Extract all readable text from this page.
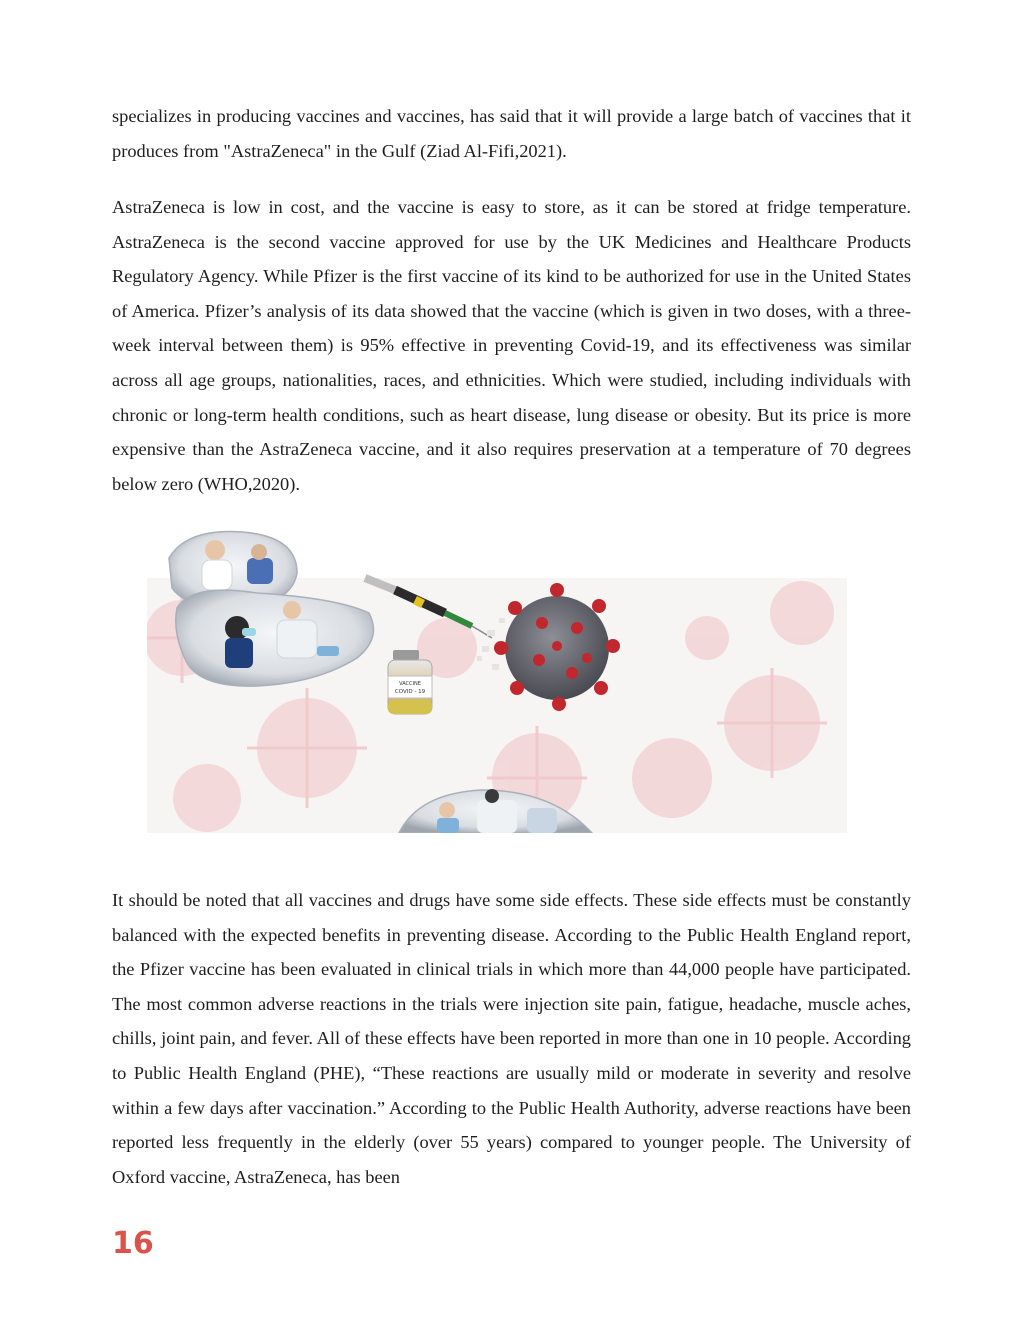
specializes in producing vaccines and vaccines, has said that it will provide a large batch of vaccines that it produces from "AstraZeneca" in the Gulf (Ziad Al-Fifi,2021).

AstraZeneca is low in cost, and the vaccine is easy to store, as it can be stored at fridge temperature. AstraZeneca is the second vaccine approved for use by the UK Medicines and Healthcare Products Regulatory Agency. While Pfizer is the first vaccine of its kind to be authorized for use in the United States of America. Pfizer’s analysis of its data showed that the vaccine (which is given in two doses, with a three-week interval between them) is 95% effective in preventing Covid-19, and its effectiveness was similar across all age groups, nationalities, races, and ethnicities. Which were studied, including individuals with chronic or long-term health conditions, such as heart disease, lung disease or obesity. But its price is more expensive than the AstraZeneca vaccine, and it also requires preservation at a temperature of 70 degrees below zero (WHO,2020).

VACCINE
COVID - 19

It should be noted that all vaccines and drugs have some side effects. These side effects must be constantly balanced with the expected benefits in preventing disease. According to the Public Health England report, the Pfizer vaccine has been evaluated in clinical trials in which more than 44,000 people have participated. The most common adverse reactions in the trials were injection site pain, fatigue, headache, muscle aches, chills, joint pain, and fever. All of these effects have been reported in more than one in 10 people. According to Public Health England (PHE), “These reactions are usually mild or moderate in severity and resolve within a few days after vaccination.” According to the Public Health Authority, adverse reactions have been reported less frequently in the elderly (over 55 years) compared to younger people. The University of Oxford vaccine, AstraZeneca, has been

16
